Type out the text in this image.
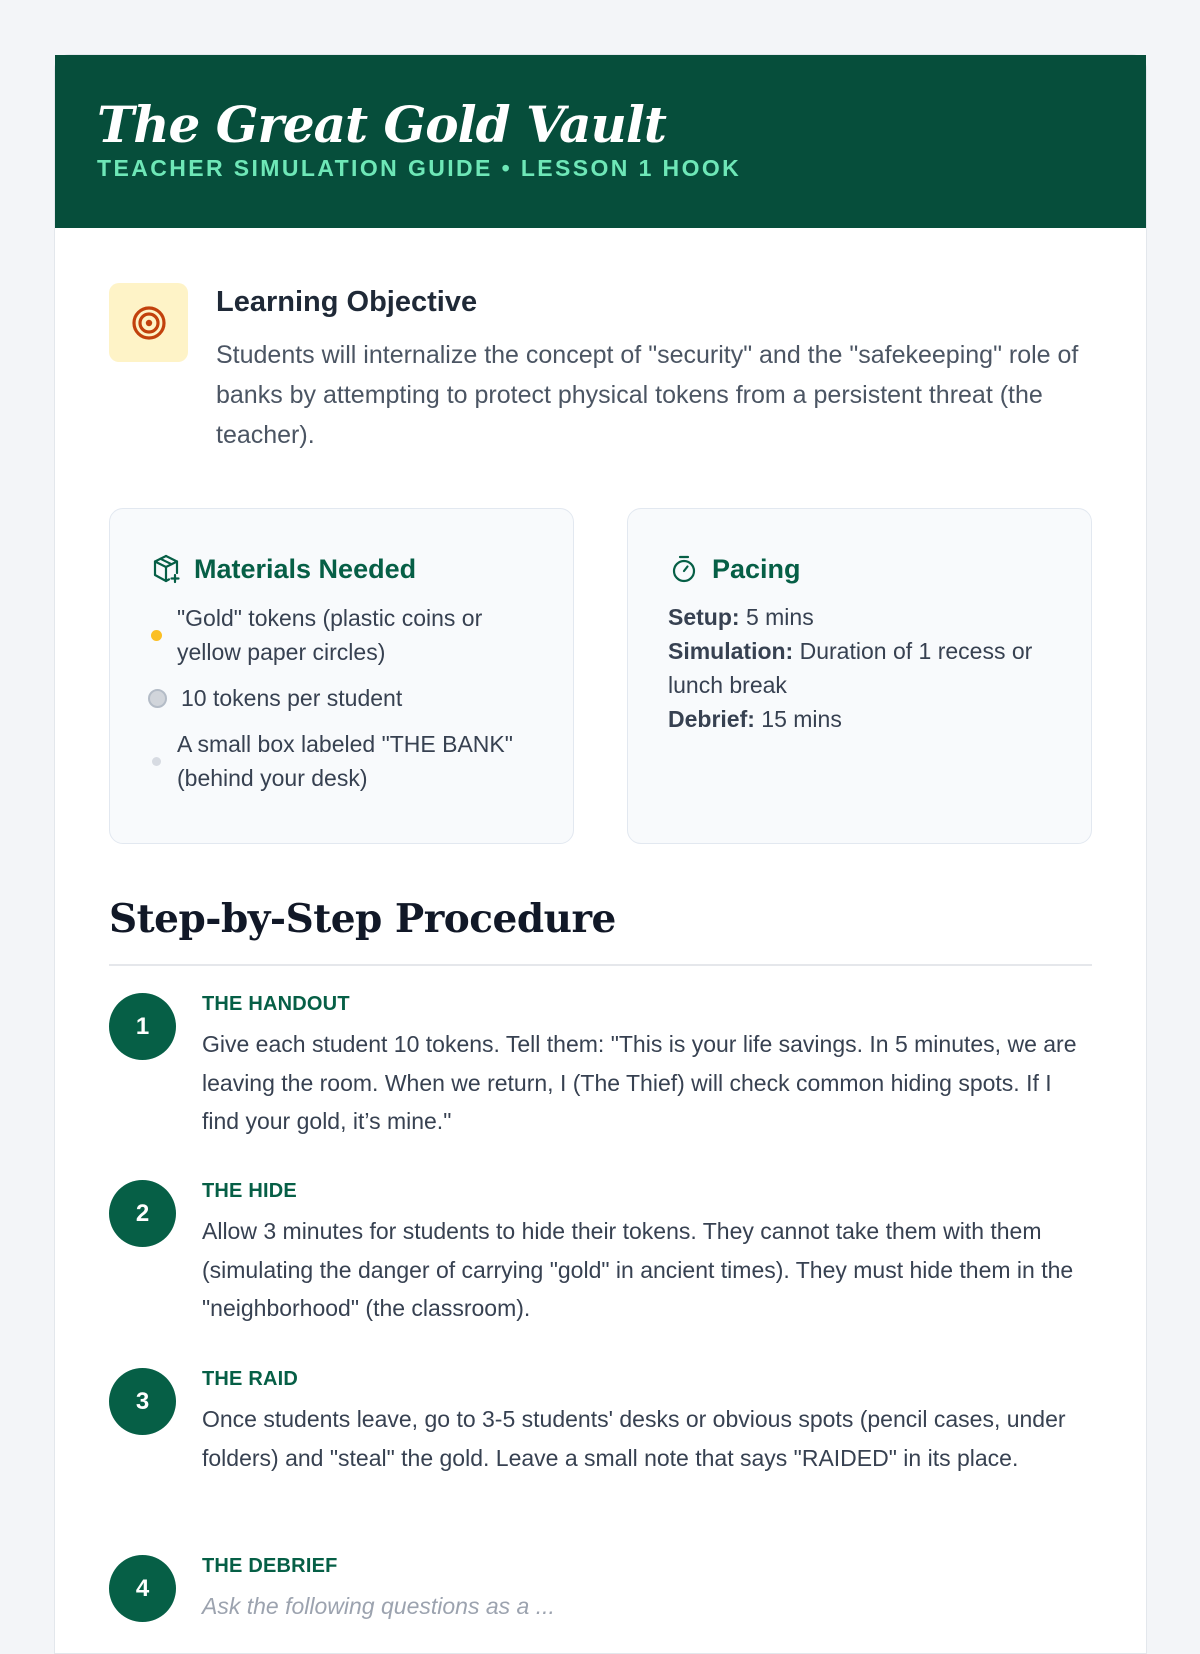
The Great Gold Vault
TEACHER SIMULATION GUIDE • LESSON 1 HOOK
Learning Objective
Students will internalize the concept of "security" and the "safekeeping" role of banks by attempting to protect physical tokens from a persistent threat (the teacher).
Materials Needed
"Gold" tokens (plastic coins or yellow paper circles)
10 tokens per student
A small box labeled "THE BANK" (behind your desk)
Pacing
Setup: 5 mins
Simulation: Duration of 1 recess or lunch break
Debrief: 15 mins
Step-by-Step Procedure
1
THE HANDOUT
Give each student 10 tokens. Tell them: "This is your life savings. In 5 minutes, we are leaving the room. When we return, I (The Thief) will check common hiding spots. If I find your gold, it’s mine."
2
THE HIDE
Allow 3 minutes for students to hide their tokens. They cannot take them with them (simulating the danger of carrying "gold" in ancient times). They must hide them in the "neighborhood" (the classroom).
3
THE RAID
Once students leave, go to 3-5 students' desks or obvious spots (pencil cases, under folders) and "steal" the gold. Leave a small note that says "RAIDED" in its place.
4
THE DEBRIEF
Ask the following questions as a ...
